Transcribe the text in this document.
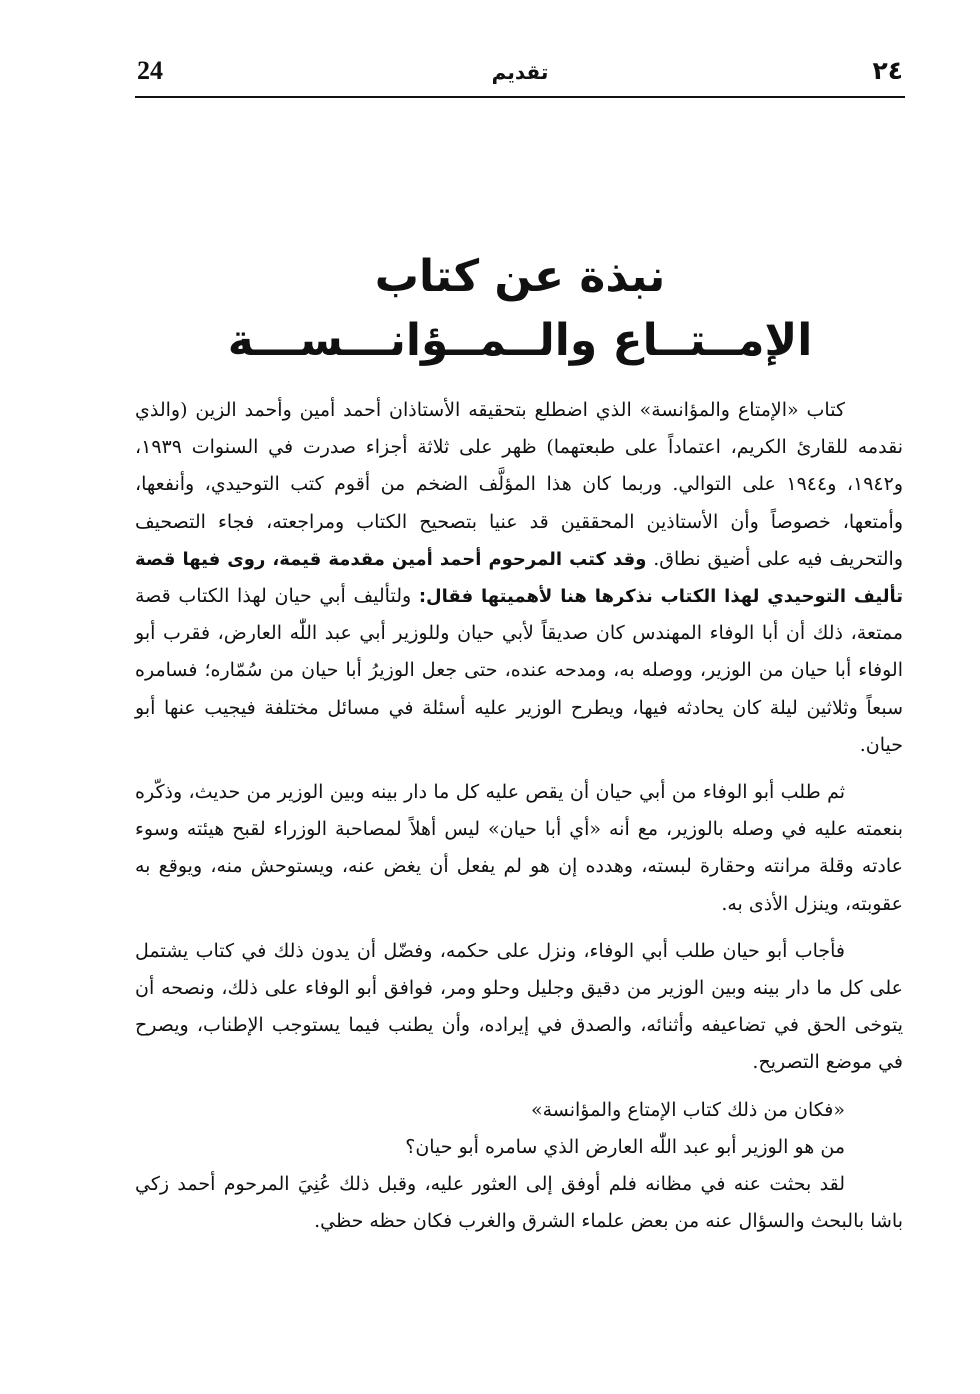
24	تقديم	٢٤
نبذة عن كتاب
الإمــتــاع والــمــؤانـــســـة

كتاب «الإمتاع والمؤانسة» الذي اضطلع بتحقيقه الأستاذان أحمد أمين وأحمد الزين (والذي نقدمه للقارئ الكريم، اعتماداً على طبعتهما) ظهر على ثلاثة أجزاء صدرت في السنوات ١٩٣٩، و١٩٤٢، و١٩٤٤ على التوالي. وربما كان هذا المؤلَّف الضخم من أقوم كتب التوحيدي، وأنفعها، وأمتعها، خصوصاً وأن الأستاذين المحققين قد عنيا بتصحيح الكتاب ومراجعته، فجاء التصحيف والتحريف فيه على أضيق نطاق. وقد كتب المرحوم أحمد أمين مقدمة قيمة، روى فيها قصة تأليف التوحيدي لهذا الكتاب نذكرها هنا لأهميتها فقال: ولتأليف أبي حيان لهذا الكتاب قصة ممتعة، ذلك أن أبا الوفاء المهندس كان صديقاً لأبي حيان وللوزير أبي عبد اللّٰه العارض، فقرب أبو الوفاء أبا حيان من الوزير، ووصله به، ومدحه عنده، حتى جعل الوزيرُ أبا حيان من سُمّاره؛ فسامره سبعاً وثلاثين ليلة كان يحادثه فيها، ويطرح الوزير عليه أسئلة في مسائل مختلفة فيجيب عنها أبو حيان.

ثم طلب أبو الوفاء من أبي حيان أن يقص عليه كل ما دار بينه وبين الوزير من حديث، وذكّره بنعمته عليه في وصله بالوزير، مع أنه «أي أبا حيان» ليس أهلاً لمصاحبة الوزراء لقبح هيئته وسوء عادته وقلة مرانته وحقارة لبسته، وهدده إن هو لم يفعل أن يغض عنه، ويستوحش منه، ويوقع به عقوبته، وينزل الأذى به.

فأجاب أبو حيان طلب أبي الوفاء، ونزل على حكمه، وفضّل أن يدون ذلك في كتاب يشتمل على كل ما دار بينه وبين الوزير من دقيق وجليل وحلو ومر، فوافق أبو الوفاء على ذلك، ونصحه أن يتوخى الحق في تضاعيفه وأثنائه، والصدق في إيراده، وأن يطنب فيما يستوجب الإطناب، ويصرح في موضع التصريح.

«فكان من ذلك كتاب الإمتاع والمؤانسة»

من هو الوزير أبو عبد اللّٰه العارض الذي سامره أبو حيان؟

لقد بحثت عنه في مظانه فلم أوفق إلى العثور عليه، وقبل ذلك عُنِيَ المرحوم أحمد زكي باشا بالبحث والسؤال عنه من بعض علماء الشرق والغرب فكان حظه حظي.
